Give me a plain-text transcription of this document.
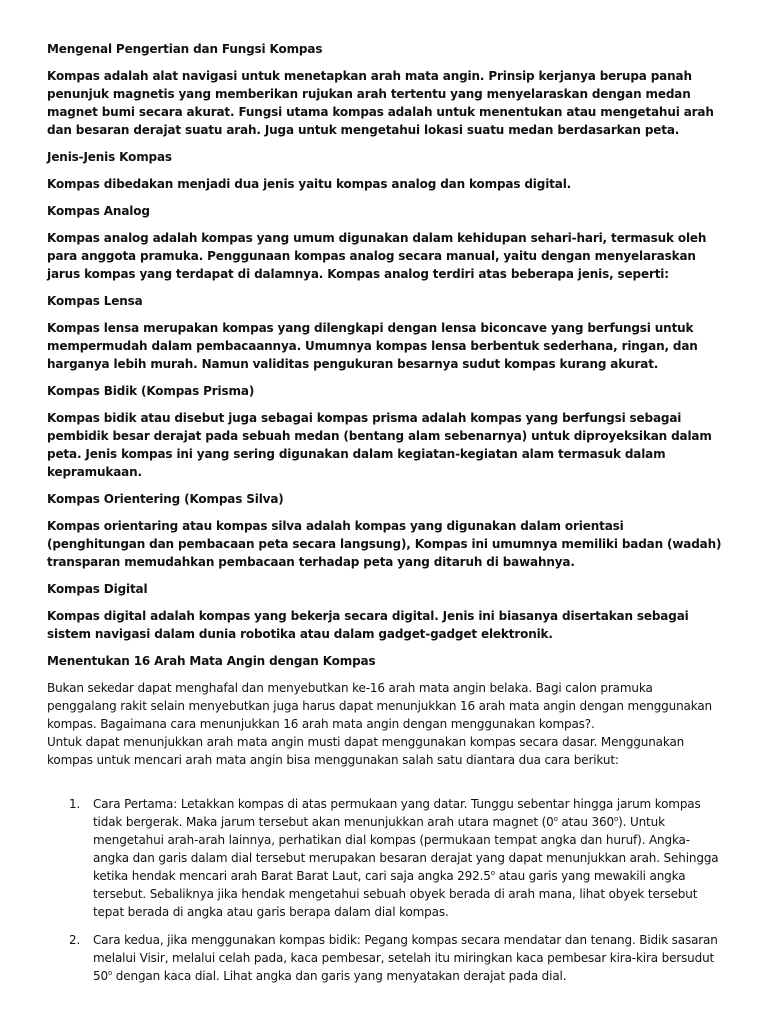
Mengenal Pengertian dan Fungsi Kompas

Kompas adalah alat navigasi untuk menetapkan arah mata angin. Prinsip kerjanya berupa panah penunjuk magnetis yang memberikan rujukan arah tertentu yang menyelaraskan dengan medan magnet bumi secara akurat. Fungsi utama kompas adalah untuk menentukan atau mengetahui arah dan besaran derajat suatu arah. Juga untuk mengetahui lokasi suatu medan berdasarkan peta.

Jenis-Jenis Kompas

Kompas dibedakan menjadi dua jenis yaitu kompas analog dan kompas digital.

Kompas Analog

Kompas analog adalah kompas yang umum digunakan dalam kehidupan sehari-hari, termasuk oleh para anggota pramuka. Penggunaan kompas analog secara manual, yaitu dengan menyelaraskan jarus kompas yang terdapat di dalamnya. Kompas analog terdiri atas beberapa jenis, seperti:

Kompas Lensa

Kompas lensa merupakan kompas yang dilengkapi dengan lensa biconcave yang berfungsi untuk mempermudah dalam pembacaannya. Umumnya kompas lensa berbentuk sederhana, ringan, dan harganya lebih murah. Namun validitas pengukuran besarnya sudut kompas kurang akurat.

Kompas Bidik (Kompas Prisma)

Kompas bidik atau disebut juga sebagai kompas prisma adalah kompas yang berfungsi sebagai pembidik besar derajat pada sebuah medan (bentang alam sebenarnya) untuk diproyeksikan dalam peta. Jenis kompas ini yang sering digunakan dalam kegiatan-kegiatan alam termasuk dalam kepramukaan.

Kompas Orientering (Kompas Silva)

Kompas orientaring atau kompas silva adalah kompas yang digunakan dalam orientasi (penghitungan dan pembacaan peta secara langsung), Kompas ini umumnya memiliki badan (wadah) transparan memudahkan pembacaan terhadap peta yang ditaruh di bawahnya.

Kompas Digital

Kompas digital adalah kompas yang bekerja secara digital. Jenis ini biasanya disertakan sebagai sistem navigasi dalam dunia robotika atau dalam gadget-gadget elektronik.

Menentukan 16 Arah Mata Angin dengan Kompas

Bukan sekedar dapat menghafal dan menyebutkan ke-16 arah mata angin belaka. Bagi calon pramuka penggalang rakit selain menyebutkan juga harus dapat menunjukkan 16 arah mata angin dengan menggunakan kompas. Bagaimana cara menunjukkan 16 arah mata angin dengan menggunakan kompas?.

Untuk dapat menunjukkan arah mata angin musti dapat menggunakan kompas secara dasar. Menggunakan kompas untuk mencari arah mata angin bisa menggunakan salah satu diantara dua cara berikut:

1. Cara Pertama: Letakkan kompas di atas permukaan yang datar. Tunggu sebentar hingga jarum kompas tidak bergerak. Maka jarum tersebut akan menunjukkan arah utara magnet (0$^o$ atau 360$^o$). Untuk mengetahui arah-arah lainnya, perhatikan dial kompas (permukaan tempat angka dan huruf). Angka-angka dan garis dalam dial tersebut merupakan besaran derajat yang dapat menunjukkan arah. Sehingga ketika hendak mencari arah Barat Barat Laut, cari saja angka 292.5$^o$ atau garis yang mewakili angka tersebut. Sebaliknya jika hendak mengetahui sebuah obyek berada di arah mana, lihat obyek tersebut tepat berada di angka atau garis berapa dalam dial kompas.
2. Cara kedua, jika menggunakan kompas bidik: Pegang kompas secara mendatar dan tenang. Bidik sasaran melalui Visir, melalui celah pada, kaca pembesar, setelah itu miringkan kaca pembesar kira-kira bersudut 50$^o$ dengan kaca dial. Lihat angka dan garis yang menyatakan derajat pada dial.
